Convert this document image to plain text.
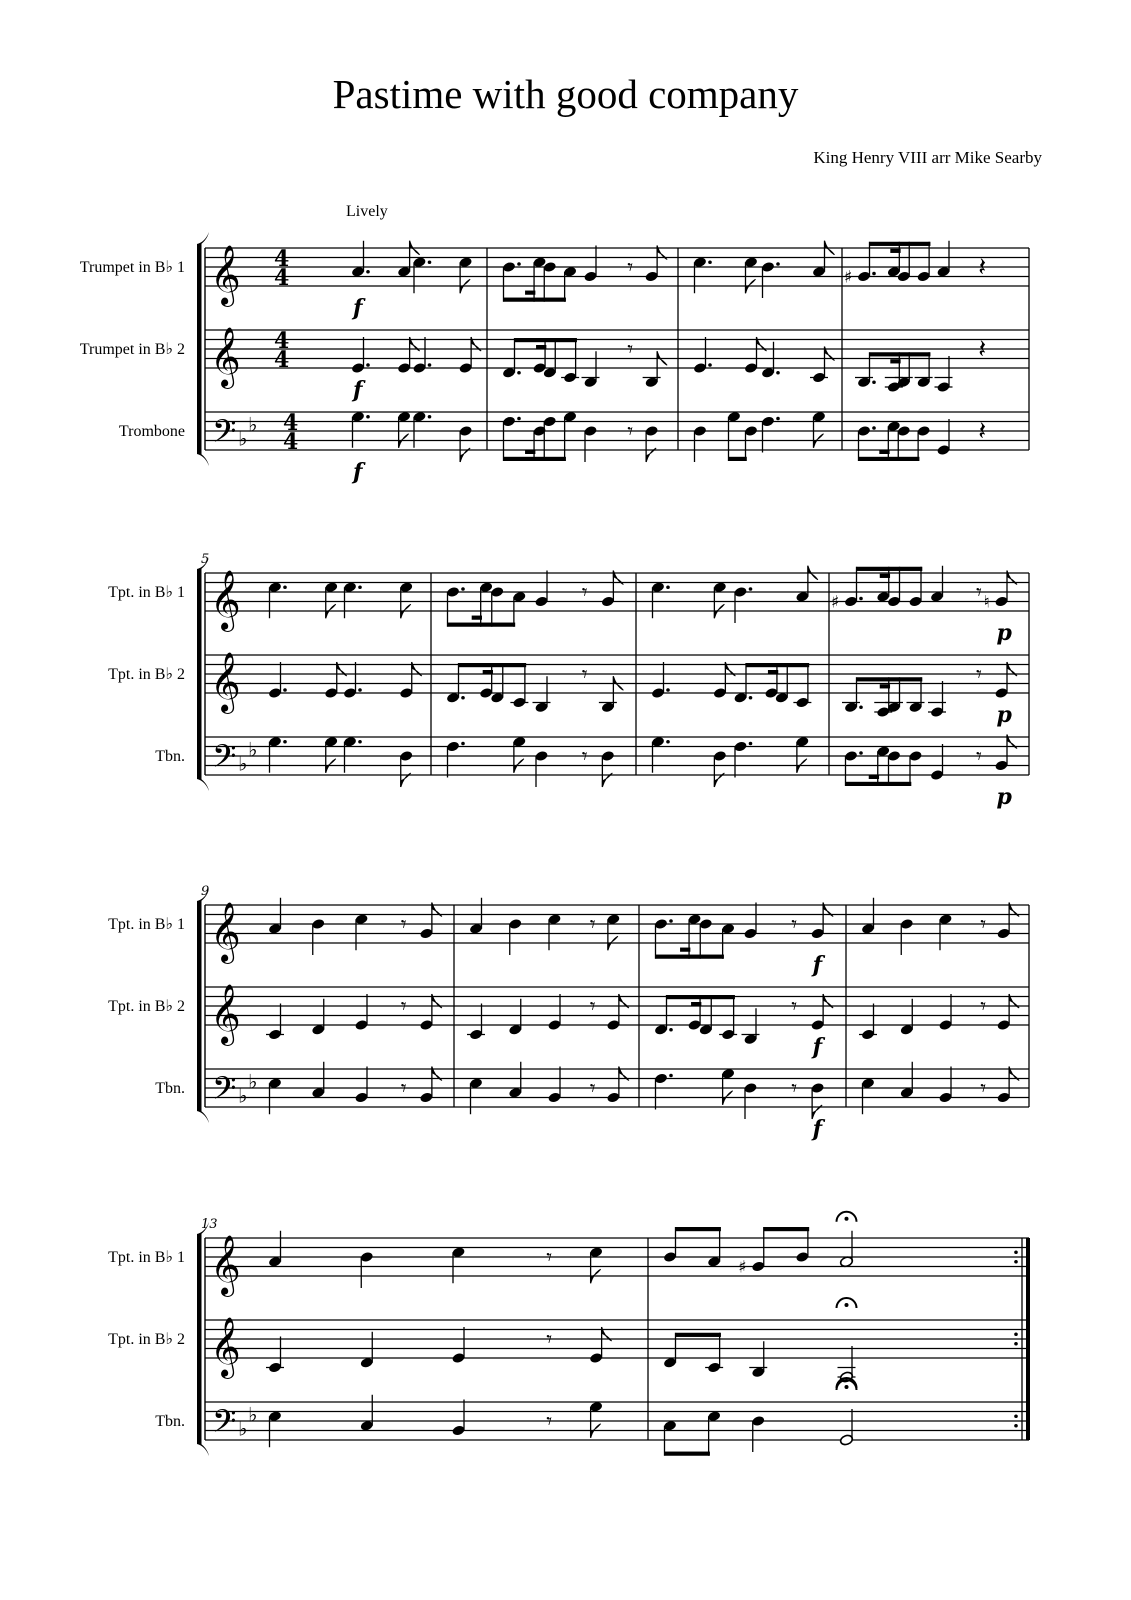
Pastime with good company
King Henry VIII arr Mike Searby
Trumpet in B♭ 1 𝄞 4
4
f
𝄾	♯	𝄽
Trumpet in B♭ 2 𝄞 4
4
f
𝄾	𝄽
Trombone 𝄢 ♭
♭ 4
4
f
𝄾	𝄽
Lively
5
Tpt. in B♭ 1 𝄞	𝄾	♯	𝄾 ♮
p
Tpt. in B♭ 2 𝄞	𝄾	𝄾
p
Tbn. 𝄢 ♭
♭	𝄾	𝄾
p
9
Tpt. in B♭ 1 𝄞	𝄾	𝄾	𝄾
f
𝄾
Tpt. in B♭ 2 𝄞	𝄾	𝄾	𝄾
f
𝄾
Tbn. 𝄢 ♭
♭	𝄾	𝄾	𝄾
f
𝄾
13
Tpt. in B♭ 1 𝄞	𝄾	♯
Tpt. in B♭ 2 𝄞	𝄾
Tbn. 𝄢 ♭
♭	𝄾
